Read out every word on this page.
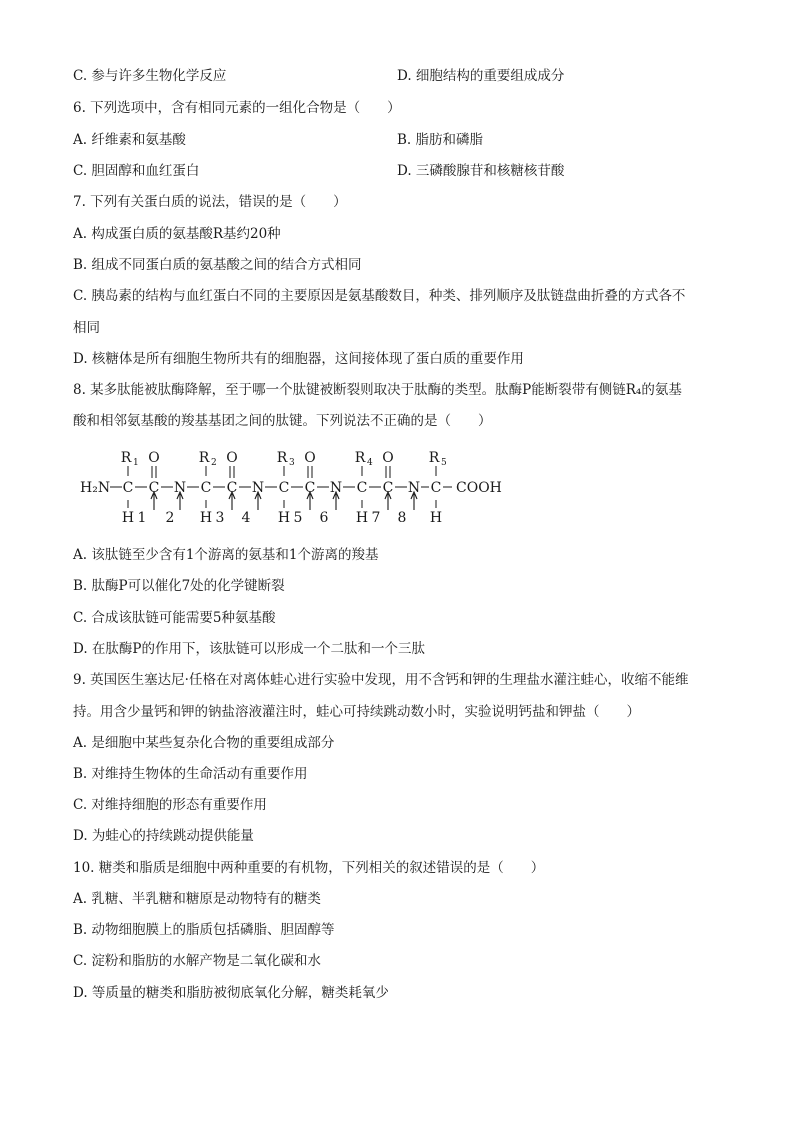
C. 参与许多生物化学反应	D. 细胞结构的重要组成成分
6. 下列选项中，含有相同元素的一组化合物是（　　）
A. 纤维素和氨基酸	B. 脂肪和磷脂
C. 胆固醇和血红蛋白	D. 三磷酸腺苷和核糖核苷酸
7. 下列有关蛋白质的说法，错误的是（　　）
A. 构成蛋白质的氨基酸R基约20种
B. 组成不同蛋白质的氨基酸之间的结合方式相同
C. 胰岛素的结构与血红蛋白不同的主要原因是氨基酸数目，种类、排列顺序及肽链盘曲折叠的方式各不
相同
D. 核糖体是所有细胞生物所共有的细胞器，这间接体现了蛋白质的重要作用
8. 某多肽能被肽酶降解，至于哪一个肽键被断裂则取决于肽酶的类型。肽酶P能断裂带有侧链R₄的氨基
酸和相邻氨基酸的羧基基团之间的肽键。下列说法不正确的是（　　）
H₂N C
R 1
H
C
R 2
H
C
R 3
H
C
R 4
H
C
R 5
H
C
O
N	C
O
N	C
O
N	C
O
N	COOH
1 2	3 4	5 6	7 8
A. 该肽链至少含有1个游离的氨基和1个游离的羧基
B. 肽酶P可以催化7处的化学键断裂
C. 合成该肽链可能需要5种氨基酸
D. 在肽酶P的作用下，该肽链可以形成一个二肽和一个三肽
9. 英国医生塞达尼·任格在对离体蛙心进行实验中发现，用不含钙和钾的生理盐水灌注蛙心，收缩不能维
持。用含少量钙和钾的钠盐溶液灌注时，蛙心可持续跳动数小时，实验说明钙盐和钾盐（　　）
A. 是细胞中某些复杂化合物的重要组成部分
B. 对维持生物体的生命活动有重要作用
C. 对维持细胞的形态有重要作用
D. 为蛙心的持续跳动提供能量
10. 糖类和脂质是细胞中两种重要的有机物，下列相关的叙述错误的是（　　）
A. 乳糖、半乳糖和糖原是动物特有的糖类
B. 动物细胞膜上的脂质包括磷脂、胆固醇等
C. 淀粉和脂肪的水解产物是二氧化碳和水
D. 等质量的糖类和脂肪被彻底氧化分解，糖类耗氧少
